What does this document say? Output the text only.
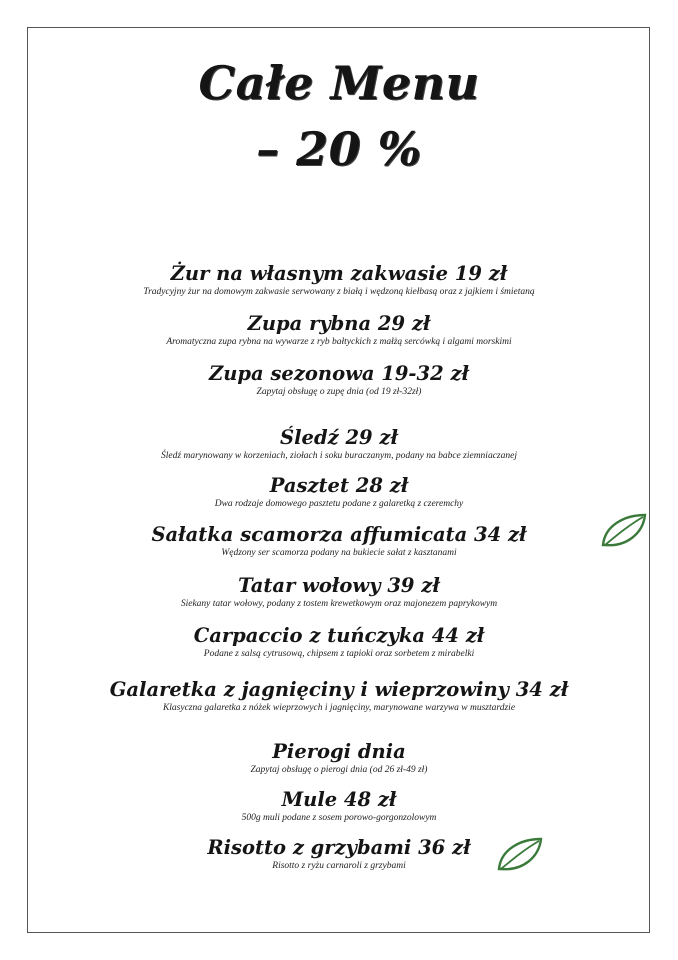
Całe Menu
– 20 %
Żur na własnym zakwasie 19 zł
Tradycyjny żur na domowym zakwasie serwowany z białą i wędzoną kiełbasą oraz z jajkiem i śmietaną
Zupa rybna 29 zł
Aromatyczna zupa rybna na wywarze z ryb bałtyckich z małżą sercówką i algami morskimi
Zupa sezonowa 19-32 zł
Zapytaj obsługę o zupę dnia (od 19 zł-32zł)
Śledź 29 zł
Śledź marynowany w korzeniach, ziołach i soku buraczanym, podany na babce ziemniaczanej
Pasztet 28 zł
Dwa rodzaje domowego pasztetu podane z galaretką z czeremchy
Sałatka scamorza affumicata 34 zł
Wędzony ser scamorza podany na bukiecie sałat z kasztanami
Tatar wołowy 39 zł
Siekany tatar wołowy, podany z tostem krewetkowym oraz majonezem paprykowym
Carpaccio z tuńczyka 44 zł
Podane z salsą cytrusową, chipsem z tapioki oraz sorbetem z mirabelki
Galaretka z jagnięciny i wieprzowiny 34 zł
Klasyczna galaretka z nóżek wieprzowych i jagnięciny, marynowane warzywa w musztardzie
Pierogi dnia
Zapytaj obsługę o pierogi dnia (od 26 zł-49 zł)
Mule 48 zł
500g muli podane z sosem porowo-gorgonzolowym
Risotto z grzybami 36 zł
Risotto z ryżu carnaroli z grzybami
